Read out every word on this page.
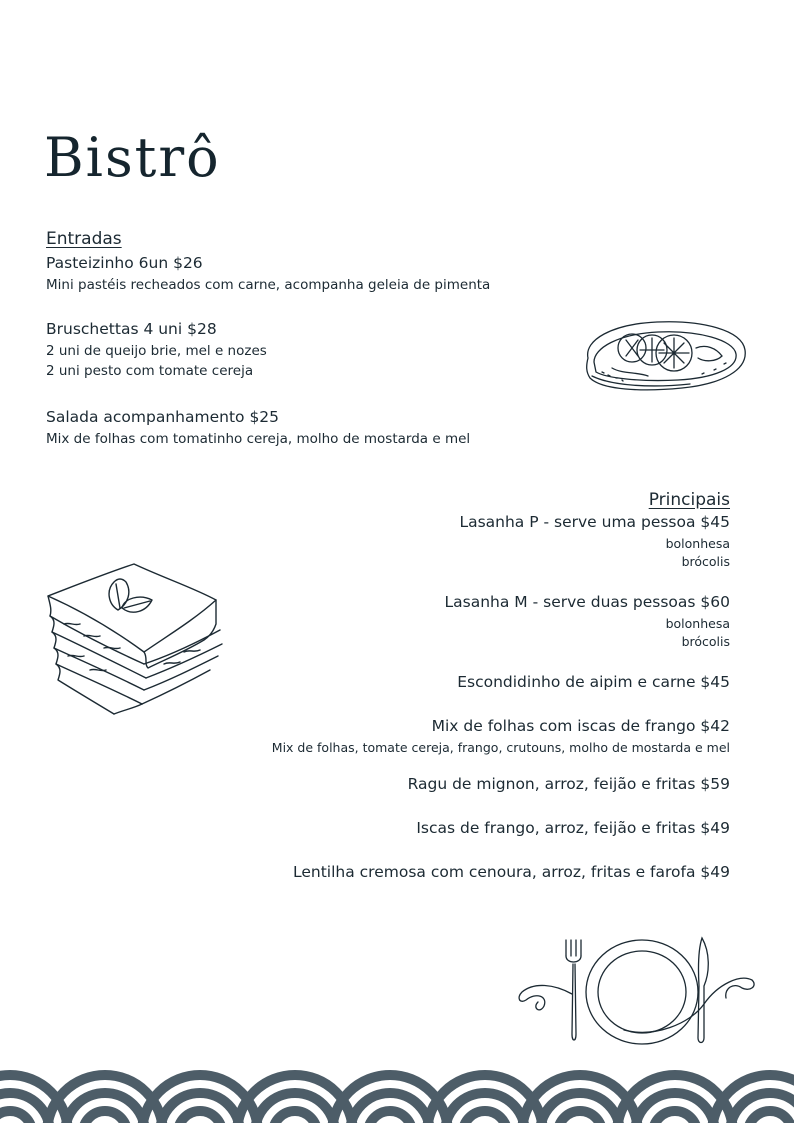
Bistrô
Entradas
Pasteizinho 6un $26
Mini pastéis recheados com carne, acompanha geleia de pimenta
Bruschettas 4 uni $28
2 uni de queijo brie, mel e nozes
2 uni pesto com tomate cereja
Salada acompanhamento $25
Mix de folhas com tomatinho cereja, molho de mostarda e mel
Principais
Lasanha P - serve uma pessoa $45
bolonhesa
brócolis
Lasanha M - serve duas pessoas $60
bolonhesa
brócolis
Escondidinho de aipim e carne $45
Mix de folhas com iscas de frango $42
Mix de folhas, tomate cereja, frango, crutouns, molho de mostarda e mel
Ragu de mignon, arroz, feijão e fritas $59
Iscas de frango, arroz, feijão e fritas $49
Lentilha cremosa com cenoura, arroz, fritas e farofa $49
